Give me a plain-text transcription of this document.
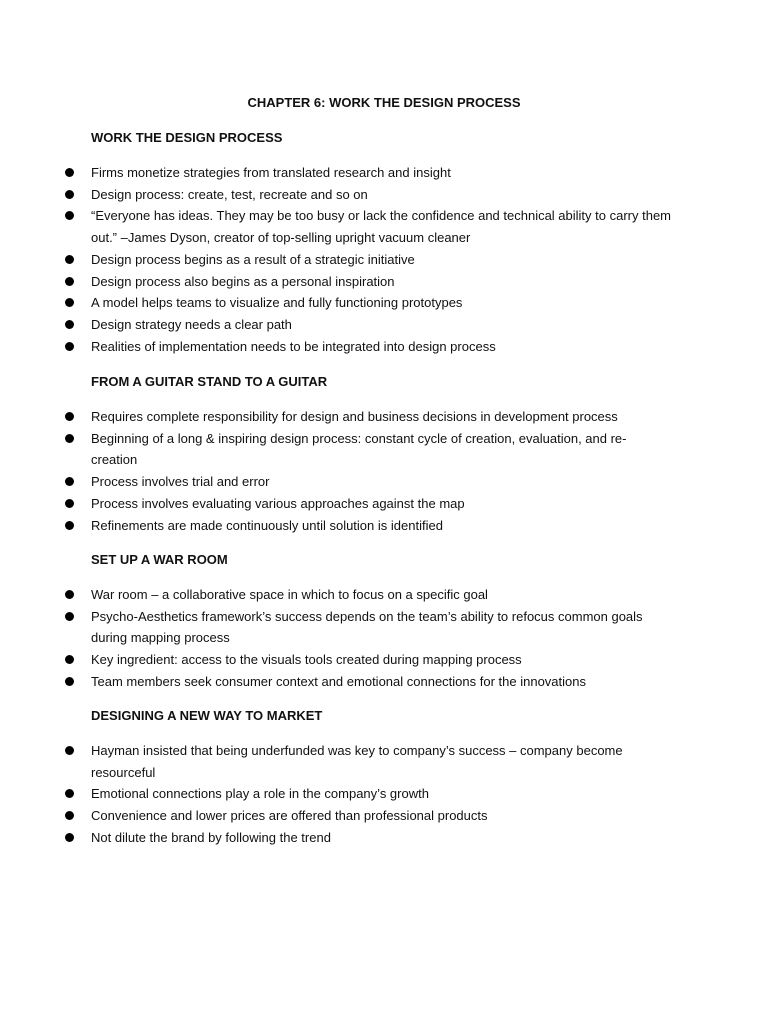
CHAPTER 6: WORK THE DESIGN PROCESS
WORK THE DESIGN PROCESS
Firms monetize strategies from translated research and insight
Design process: create, test, recreate and so on
“Everyone has ideas. They may be too busy or lack the confidence and technical ability to carry them out.” –James Dyson, creator of top-selling upright vacuum cleaner
Design process begins as a result of a strategic initiative
Design process also begins as a personal inspiration
A model helps teams to visualize and fully functioning prototypes
Design strategy needs a clear path
Realities of implementation needs to be integrated into design process
FROM A GUITAR STAND TO A GUITAR
Requires complete responsibility for design and business decisions in development process
Beginning of a long & inspiring design process: constant cycle of creation, evaluation, and re-creation
Process involves trial and error
Process involves evaluating various approaches against the map
Refinements are made continuously until solution is identified
SET UP A WAR ROOM
War room – a collaborative space in which to focus on a specific goal
Psycho-Aesthetics framework’s success depends on the team’s ability to refocus common goals during mapping process
Key ingredient: access to the visuals tools created during mapping process
Team members seek consumer context and emotional connections for the innovations
DESIGNING A NEW WAY TO MARKET
Hayman insisted that being underfunded was key to company’s success – company become resourceful
Emotional connections play a role in the company’s growth
Convenience and lower prices are offered than professional products
Not dilute the brand by following the trend
